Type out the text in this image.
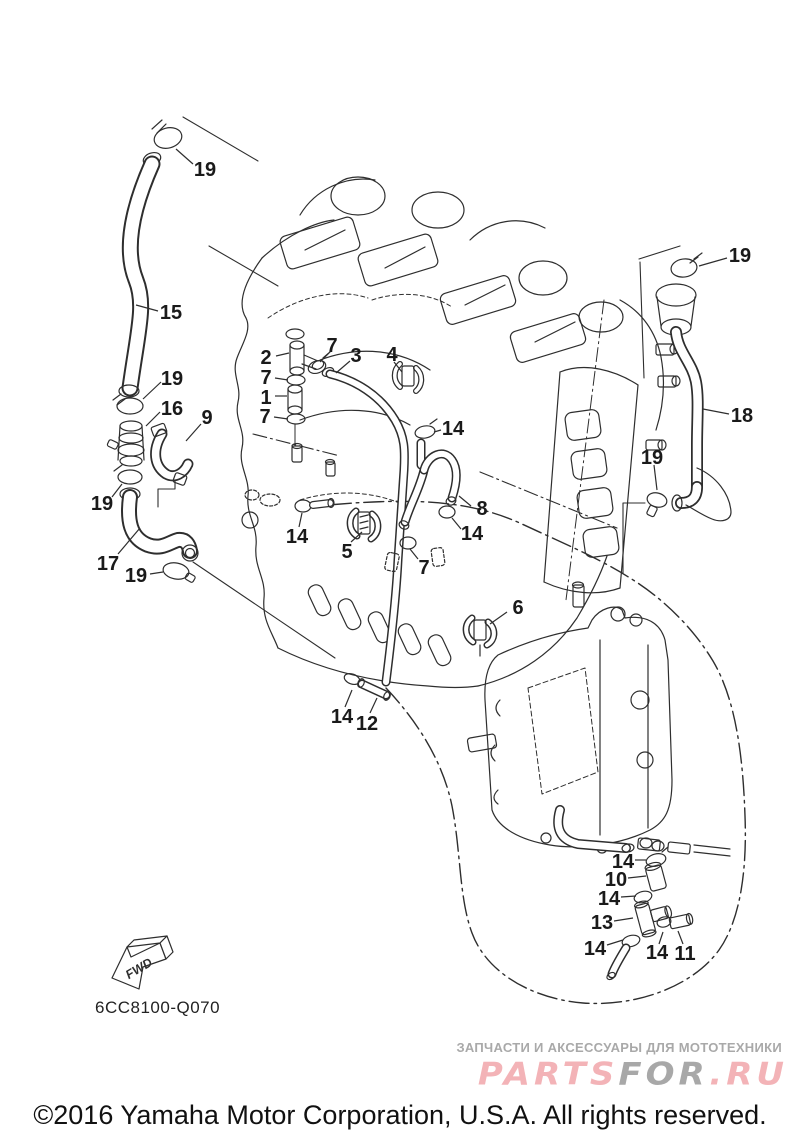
FWD
6CC8100-Q070
19
15
19
16 9
19
17
19
2
7
1
7
7 3 4
14
14
5
7
8
14
6
14 12
19
18
19
14
10
14
13
14 14 11
ЗАПЧАСТИ И АКСЕССУАРЫ ДЛЯ МОТОТЕХНИКИ
PARTSFOR.RU
©2016 Yamaha Motor Corporation, U.S.A. All rights reserved.
